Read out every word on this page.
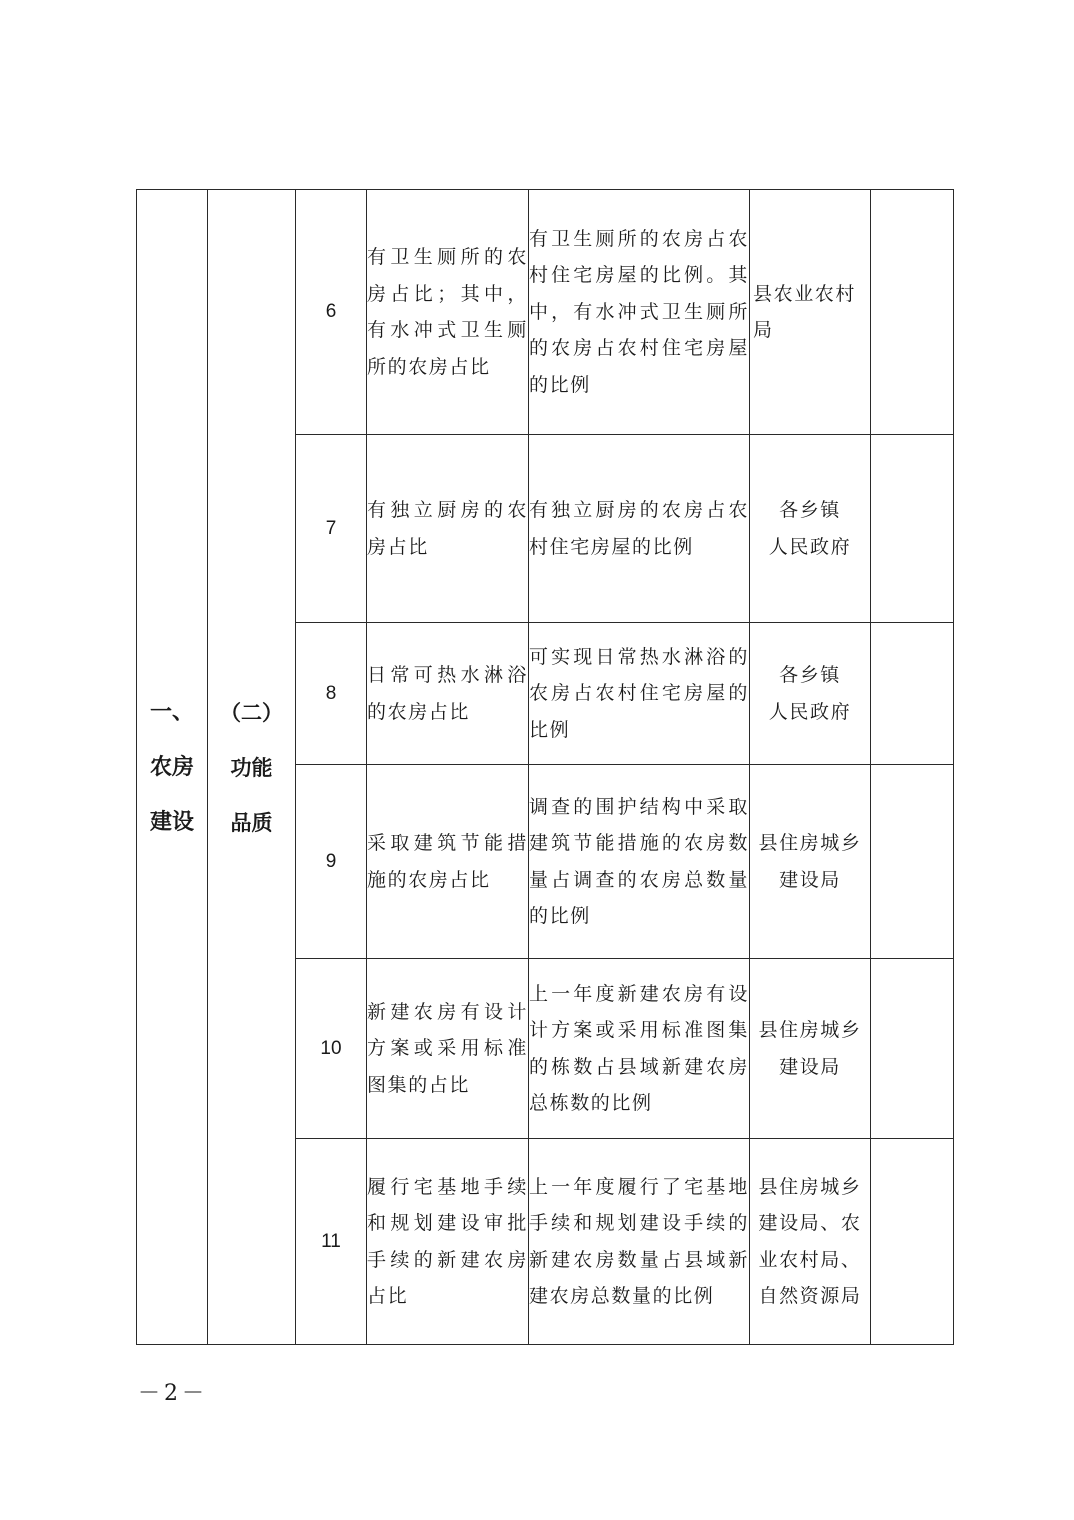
一、
农房
建设	（二）
功能
品质	6	有卫生厕所的农房占比；其中，有水冲式卫生厕所的农房占比	有卫生厕所的农房占农村住宅房屋的比例。其中，有水冲式卫生厕所的农房占农村住宅房屋的比例	县农业农村局	

		7	有独立厨房的农房占比	有独立厨房的农房占农村住宅房屋的比例	各乡镇
人民政府	

		8	日常可热水淋浴的农房占比	可实现日常热水淋浴的农房占农村住宅房屋的比例	各乡镇
人民政府	

		9	采取建筑节能措施的农房占比	调查的围护结构中采取建筑节能措施的农房数量占调查的农房总数量的比例	县住房城乡
建设局	

		10	新建农房有设计方案或采用标准图集的占比	上一年度新建农房有设计方案或采用标准图集的栋数占县域新建农房总栋数的比例	县住房城乡
建设局	

		11	履行宅基地手续和规划建设审批手续的新建农房占比	上一年度履行了宅基地手续和规划建设手续的新建农房数量占县域新建农房总数量的比例	县住房城乡
建设局、农
业农村局、
自然资源局	

－2－
